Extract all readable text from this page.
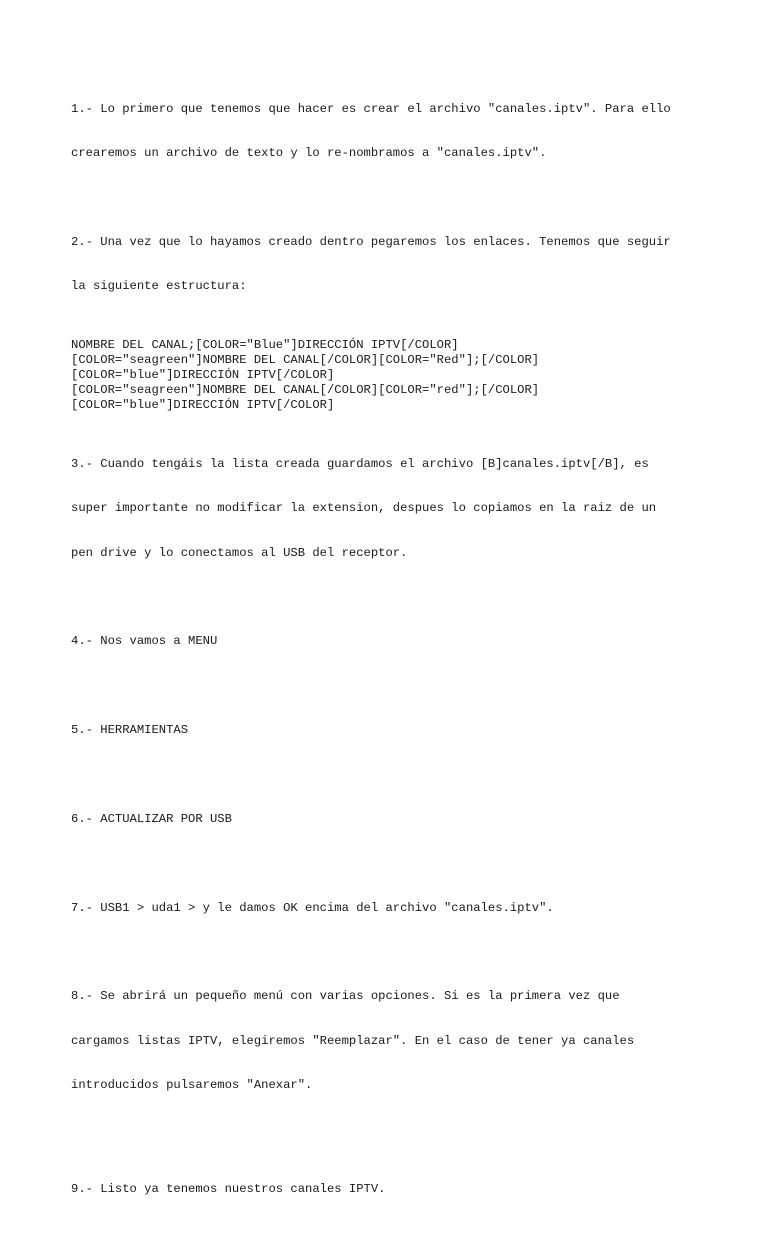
1.- Lo primero que tenemos que hacer es crear el archivo "canales.iptv". Para ello

crearemos un archivo de texto y lo re-nombramos a "canales.iptv".

2.- Una vez que lo hayamos creado dentro pegaremos los enlaces. Tenemos que seguir

la siguiente estructura:

NOMBRE DEL CANAL;[COLOR="Blue"]DIRECCIÓN IPTV[/COLOR]
[COLOR="seagreen"]NOMBRE DEL CANAL[/COLOR][COLOR="Red"];[/COLOR]
[COLOR="blue"]DIRECCIÓN IPTV[/COLOR]
[COLOR="seagreen"]NOMBRE DEL CANAL[/COLOR][COLOR="red"];[/COLOR]
[COLOR="blue"]DIRECCIÓN IPTV[/COLOR]

3.- Cuando tengáis la lista creada guardamos el archivo [B]canales.iptv[/B], es

super importante no modificar la extension, despues lo copiamos en la raiz de un

pen drive y lo conectamos al USB del receptor.

4.- Nos vamos a MENU

5.- HERRAMIENTAS

6.- ACTUALIZAR POR USB

7.- USB1 > uda1 > y le damos OK encima del archivo "canales.iptv".

8.- Se abrirá un pequeño menú con varias opciones. Si es la primera vez que

cargamos listas IPTV, elegiremos "Reemplazar". En el caso de tener ya canales

introducidos pulsaremos "Anexar".

9.- Listo ya tenemos nuestros canales IPTV.
